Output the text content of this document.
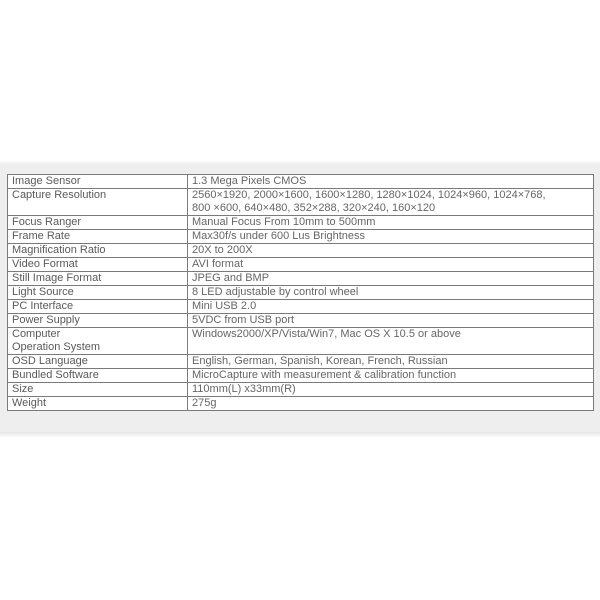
Image Sensor	1.3 Mega Pixels CMOS
Capture Resolution	2560×1920, 2000×1600, 1600×1280, 1280×1024, 1024×960, 1024×768,
800 ×600, 640×480, 352×288, 320×240, 160×120
Focus Ranger	Manual Focus From 10mm to 500mm
Frame Rate	Max30f/s under 600 Lus Brightness
Magnification Ratio	20X to 200X
Video Format	AVI format
Still Image Format	JPEG and BMP
Light Source	8 LED adjustable by control wheel
PC Interface	Mini USB 2.0
Power Supply	5VDC from USB port
Computer
Operation System	Windows2000/XP/Vista/Win7, Mac OS X 10.5 or above
OSD Language	English, German, Spanish, Korean, French, Russian
Bundled Software	MicroCapture with measurement & calibration function
Size	110mm(L) x33mm(R)
Weight	275g
